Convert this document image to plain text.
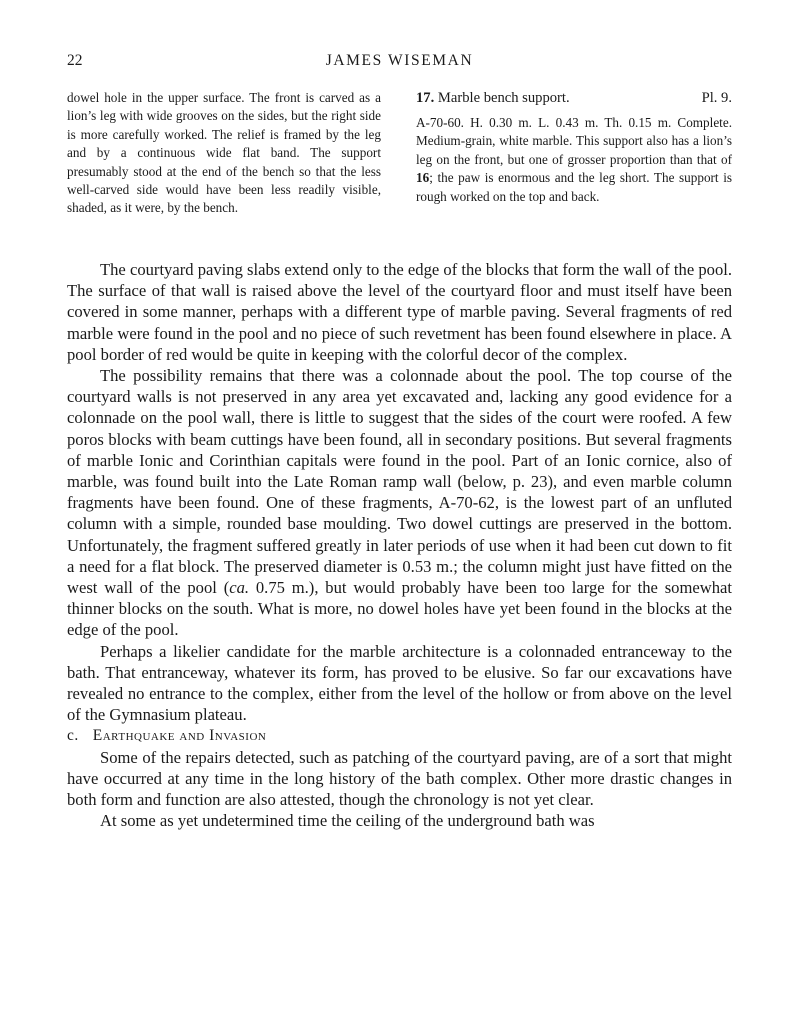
22	JAMES WISEMAN
dowel hole in the upper surface. The front is carved as a lion’s leg with wide grooves on the sides, but the right side is more carefully worked. The relief is framed by the leg and by a continuous wide flat band. The support presumably stood at the end of the bench so that the less well-carved side would have been less readily visible, shaded, as it were, by the bench.
17. Marble bench support.	Pl. 9.
A-70-60. H. 0.30 m. L. 0.43 m. Th. 0.15 m. Complete. Medium-grain, white marble. This support also has a lion’s leg on the front, but one of grosser proportion than that of 16; the paw is enormous and the leg short. The support is rough worked on the top and back.

The courtyard paving slabs extend only to the edge of the blocks that form the wall of the pool. The surface of that wall is raised above the level of the courtyard floor and must itself have been covered in some manner, perhaps with a different type of marble paving. Several fragments of red marble were found in the pool and no piece of such revetment has been found elsewhere in place. A pool border of red would be quite in keeping with the colorful decor of the complex.

The possibility remains that there was a colonnade about the pool. The top course of the courtyard walls is not preserved in any area yet excavated and, lacking any good evidence for a colonnade on the pool wall, there is little to suggest that the sides of the court were roofed. A few poros blocks with beam cuttings have been found, all in secondary positions. But several fragments of marble Ionic and Corinthian capitals were found in the pool. Part of an Ionic cornice, also of marble, was found built into the Late Roman ramp wall (below, p. 23), and even marble column fragments have been found. One of these fragments, A-70-62, is the lowest part of an unfluted column with a simple, rounded base moulding. Two dowel cuttings are preserved in the bottom. Unfortunately, the fragment suffered greatly in later periods of use when it had been cut down to fit a need for a flat block. The preserved diameter is 0.53 m.; the column might just have fitted on the west wall of the pool (ca. 0.75 m.), but would probably have been too large for the somewhat thinner blocks on the south. What is more, no dowel holes have yet been found in the blocks at the edge of the pool.

Perhaps a likelier candidate for the marble architecture is a colonnaded entranceway to the bath. That entranceway, whatever its form, has proved to be elusive. So far our excavations have revealed no entrance to the complex, either from the level of the hollow or from above on the level of the Gymnasium plateau.

c. Earthquake and Invasion

Some of the repairs detected, such as patching of the courtyard paving, are of a sort that might have occurred at any time in the long history of the bath complex. Other more drastic changes in both form and function are also attested, though the chronology is not yet clear.

At some as yet undetermined time the ceiling of the underground bath was
